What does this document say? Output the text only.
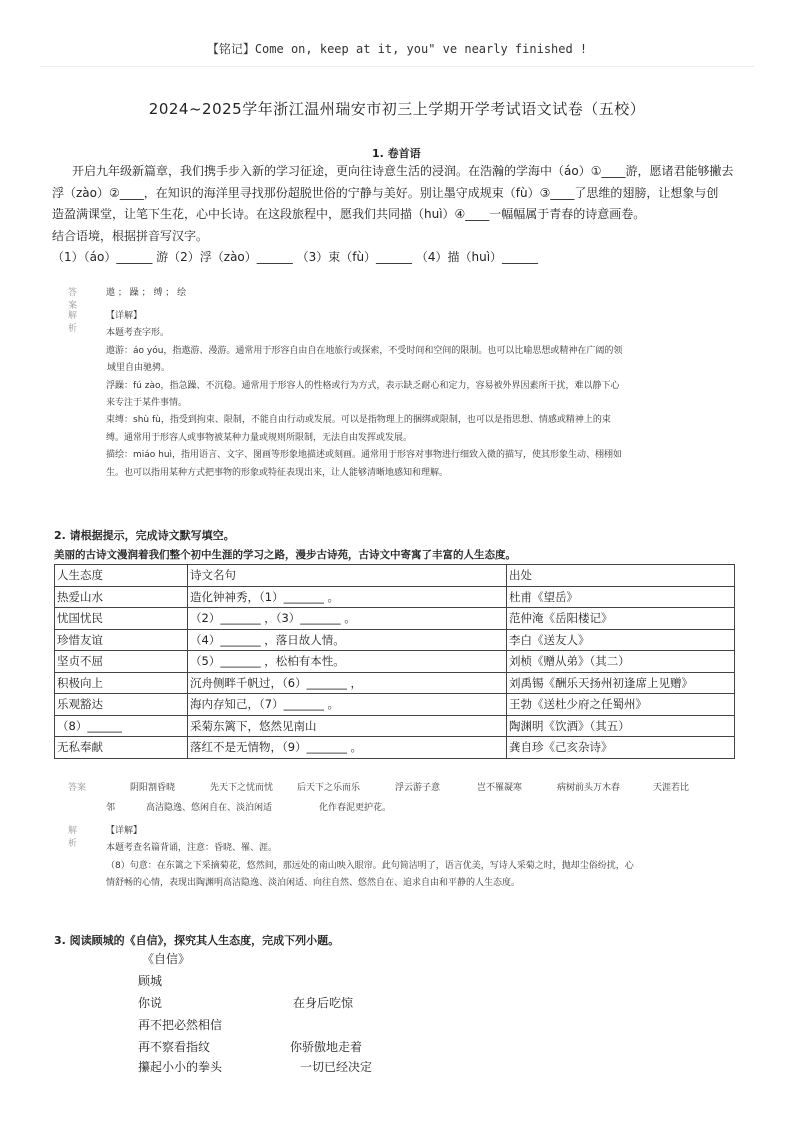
【铭记】Come on, keep at it, you" ve nearly finished !
2024~2025学年浙江温州瑞安市初三上学期开学考试语文试卷（五校）
1. 卷首语
开启九年级新篇章，我们携手步入新的学习征途，更向往诗意生活的浸润。在浩瀚的学海中（áo）①____游，愿诸君能够撇去
浮（zào）②____，在知识的海洋里寻找那份超脱世俗的宁静与美好。别让墨守成规束（fù）③____了思维的翅膀，让想象与创
造盈满课堂，让笔下生花，心中长诗。在这段旅程中，愿我们共同描（huì）④____一幅幅属于青春的诗意画卷。
结合语境，根据拼音写汉字。
（1）（áo）______ 游（2）浮（zào）______ （3）束（fù）______ （4）描（huì）______
答案
遨 ； 躁 ； 缚 ； 绘
解析
【详解】
本题考查字形。
遨游：áo yóu，指遨游、漫游。通常用于形容自由自在地旅行或探索，不受时间和空间的限制。也可以比喻思想或精神在广阔的领
域里自由驰骋。
浮躁：fú zào，指急躁、不沉稳。通常用于形容人的性格或行为方式，表示缺乏耐心和定力，容易被外界因素所干扰，难以静下心
来专注于某件事情。
束缚：shù fù，指受到拘束、限制，不能自由行动或发展。可以是指物理上的捆绑或限制，也可以是指思想、情感或精神上的束
缚。通常用于形容人或事物被某种力量或规则所限制，无法自由发挥或发展。
描绘：miáo huì，指用语言、文字、图画等形象地描述或刻画。通常用于形容对事物进行细致入微的描写，使其形象生动、栩栩如
生。也可以指用某种方式把事物的形象或特征表现出来，让人能够清晰地感知和理解。
2. 请根据提示，完成诗文默写填空。
美丽的古诗文漫润着我们整个初中生涯的学习之路，漫步古诗苑，古诗文中寄寓了丰富的人生态度。
人生态度	诗文名句	出处
热爱山水	造化钟神秀，（1）_______ 。	杜甫《望岳》
忧国忧民	（2）_______ ，（3）_______ 。	范仲淹《岳阳楼记》
珍惜友谊	（4）_______ ，落日故人情。	李白《送友人》
坚贞不屈	（5）_______ ，松柏有本性。	刘桢《赠从弟》（其二）
积极向上	沉舟侧畔千帆过，（6）_______ ，	刘禹锡《酬乐天扬州初逢席上见赠》
乐观豁达	海内存知己，（7）_______ 。	王勃《送杜少府之任蜀州》
（8）______	采菊东篱下，悠然见南山	陶渊明《饮酒》（其五）
无私奉献	落红不是无情物，（9）_______ 。	龚自珍《己亥杂诗》
答案	阴阳割昏晓	先天下之忧而忧	后天下之乐而乐	浮云游子意	岂不罹凝寒	病树前头万木春	天涯若比
邻	高洁隐逸、悠闲自在、淡泊闲适	化作春泥更护花。
解析
【详解】
本题考查名篇背诵，注意：昏晓、罹、涯。
（8）句意：在东篱之下采摘菊花，悠然间，那远处的南山映入眼帘。此句简洁明了，语言优美，写诗人采菊之时，抛却尘俗纷扰，心
情舒畅的心情，表现出陶渊明高洁隐逸、淡泊闲适、向往自然、悠然自在、追求自由和平静的人生态度。
3. 阅读顾城的《自信》，探究其人生态度，完成下列小题。
《自信》
顾城
你说	在身后吃惊
再不把必然相信
再不察看指纹	你骄傲地走着
攥起小小的拳头	一切已经决定
